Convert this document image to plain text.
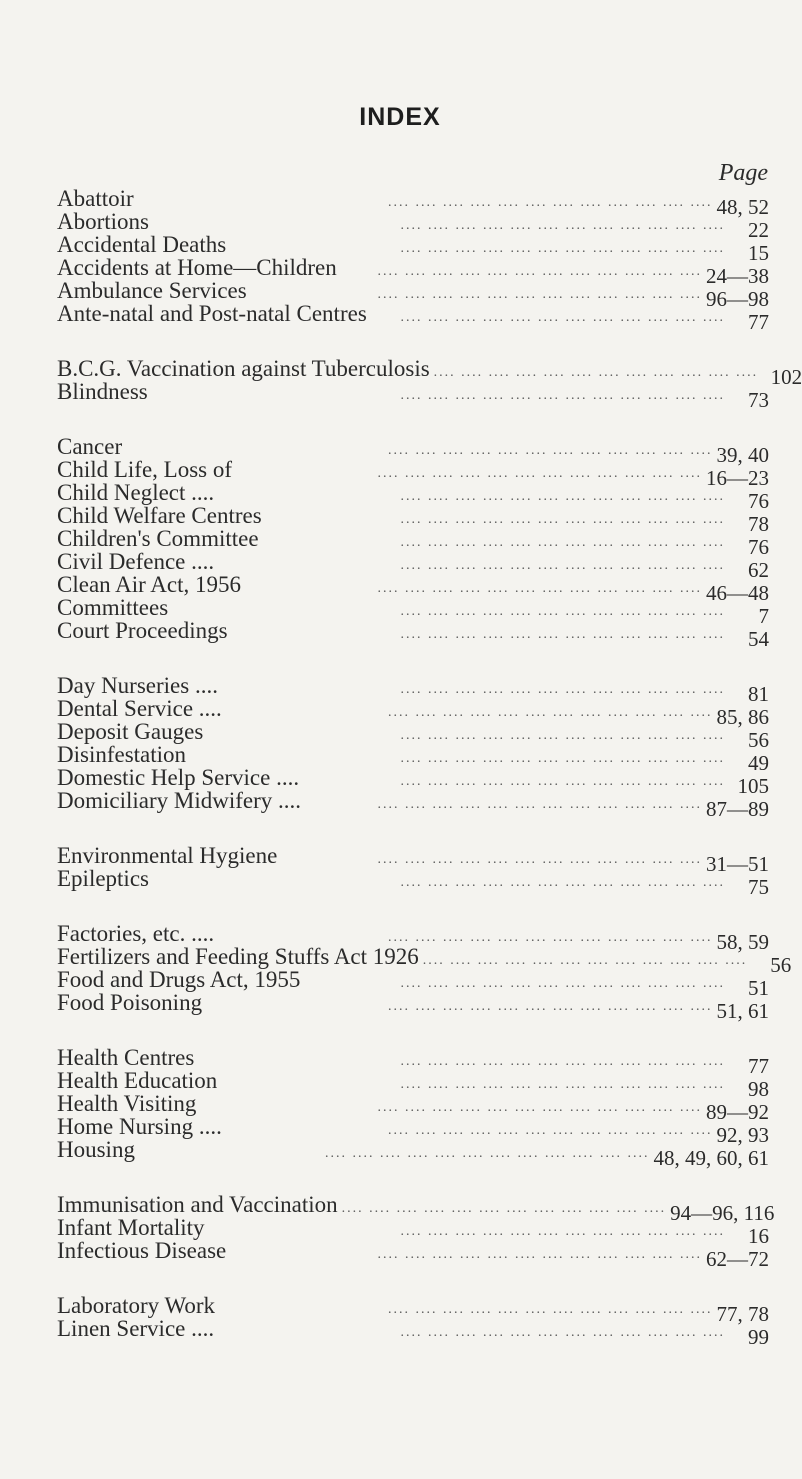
INDEX
Page
Abattoir	.... .... .... .... .... .... .... .... .... .... .... .... 48, 52
Abortions	.... .... .... .... .... .... .... .... .... .... .... ....	22
Accidental Deaths	.... .... .... .... .... .... .... .... .... .... .... ....	15
Accidents at Home—Children	.... .... .... .... .... .... .... .... .... .... .... .... 24—38
Ambulance Services	.... .... .... .... .... .... .... .... .... .... .... .... 96—98
Ante-natal and Post-natal Centres	.... .... .... .... .... .... .... .... .... .... .... ....	77
B.C.G. Vaccination against Tuberculosis .... .... .... .... .... .... .... .... .... .... .... .... 102
Blindness	.... .... .... .... .... .... .... .... .... .... .... ....	73
Cancer	.... .... .... .... .... .... .... .... .... .... .... .... 39, 40
Child Life, Loss of	.... .... .... .... .... .... .... .... .... .... .... .... 16—23
Child Neglect ....	.... .... .... .... .... .... .... .... .... .... .... ....	76
Child Welfare Centres	.... .... .... .... .... .... .... .... .... .... .... ....	78
Children's Committee	.... .... .... .... .... .... .... .... .... .... .... ....	76
Civil Defence ....	.... .... .... .... .... .... .... .... .... .... .... ....	62
Clean Air Act, 1956	.... .... .... .... .... .... .... .... .... .... .... .... 46—48
Committees	.... .... .... .... .... .... .... .... .... .... .... ....	7
Court Proceedings	.... .... .... .... .... .... .... .... .... .... .... ....	54
Day Nurseries ....	.... .... .... .... .... .... .... .... .... .... .... ....	81
Dental Service ....	.... .... .... .... .... .... .... .... .... .... .... .... 85, 86
Deposit Gauges	.... .... .... .... .... .... .... .... .... .... .... ....	56
Disinfestation	.... .... .... .... .... .... .... .... .... .... .... ....	49
Domestic Help Service ....	.... .... .... .... .... .... .... .... .... .... .... .... 105
Domiciliary Midwifery ....	.... .... .... .... .... .... .... .... .... .... .... .... 87—89
Environmental Hygiene	.... .... .... .... .... .... .... .... .... .... .... .... 31—51
Epileptics	.... .... .... .... .... .... .... .... .... .... .... ....	75
Factories, etc. ....	.... .... .... .... .... .... .... .... .... .... .... .... 58, 59
Fertilizers and Feeding Stuffs Act 1926 .... .... .... .... .... .... .... .... .... .... .... ....	56
Food and Drugs Act, 1955	.... .... .... .... .... .... .... .... .... .... .... ....	51
Food Poisoning	.... .... .... .... .... .... .... .... .... .... .... .... 51, 61
Health Centres	.... .... .... .... .... .... .... .... .... .... .... ....	77
Health Education	.... .... .... .... .... .... .... .... .... .... .... ....	98
Health Visiting	.... .... .... .... .... .... .... .... .... .... .... .... 89—92
Home Nursing ....	.... .... .... .... .... .... .... .... .... .... .... .... 92, 93
Housing	.... .... .... .... .... .... .... .... .... .... .... .... 48, 49, 60, 61
Immunisation and Vaccination .... .... .... .... .... .... .... .... .... .... .... .... 94—96, 116
Infant Mortality	.... .... .... .... .... .... .... .... .... .... .... ....	16
Infectious Disease	.... .... .... .... .... .... .... .... .... .... .... .... 62—72
Laboratory Work	.... .... .... .... .... .... .... .... .... .... .... .... 77, 78
Linen Service ....	.... .... .... .... .... .... .... .... .... .... .... ....	99
